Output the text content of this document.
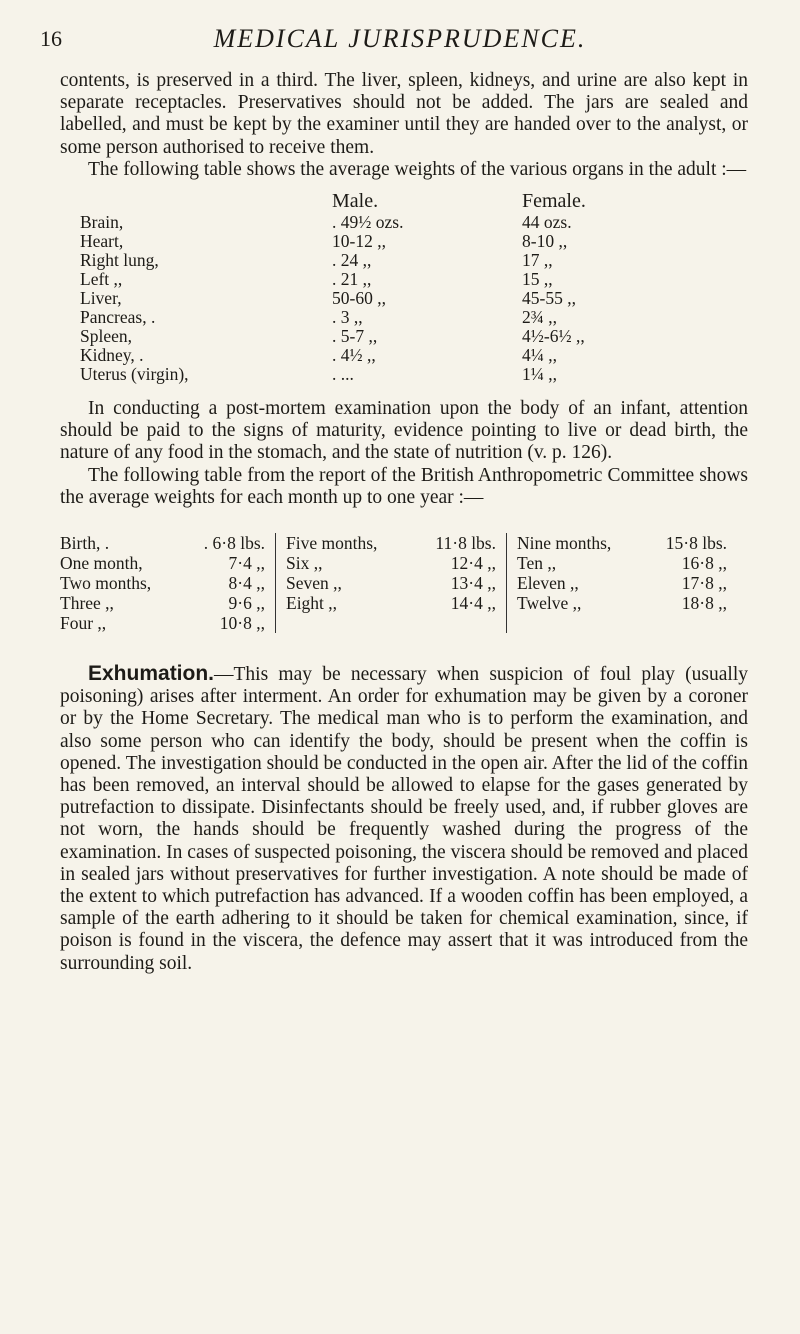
16	MEDICAL JURISPRUDENCE.

contents, is preserved in a third. The liver, spleen, kidneys, and urine are also kept in separate receptacles. Preservatives should not be added. The jars are sealed and labelled, and must be kept by the examiner until they are handed over to the analyst, or some person authorised to receive them.

The following table shows the average weights of the various organs in the adult :—

		Male.	Female.
Brain,		. 49½ ozs.	44 ozs.
Heart,		10-12 ,,	8-10 ,,
Right lung,		. 24 ,,	17 ,,
Left ,,		. 21 ,,	15 ,,
Liver,		50-60 ,,	45-55 ,,
Pancreas, .		. 3 ,,	2¾ ,,
Spleen,		. 5-7 ,,	4½-6½ ,,
Kidney, .		. 4½ ,,	4¼ ,,
Uterus (virgin),		. ...	1¼ ,,

In conducting a post-mortem examination upon the body of an infant, attention should be paid to the signs of maturity, evidence pointing to live or dead birth, the nature of any food in the stomach, and the state of nutrition (v. p. 126).

The following table from the report of the British Anthropometric Committee shows the average weights for each month up to one year :—

Birth, .	. 6·8 lbs.
One month,	7·4 ,,
Two months,	8·4 ,,
Three ,,	9·6 ,,
Four ,,	10·8 ,,
Five months,	11·8 lbs.
Six ,,	12·4 ,,
Seven ,,	13·4 ,,
Eight ,,	14·4 ,,
Nine months,	15·8 lbs.
Ten ,,	16·8 ,,
Eleven ,,	17·8 ,,
Twelve ,,	18·8 ,,

Exhumation.—This may be necessary when suspicion of foul play (usually poisoning) arises after interment. An order for exhumation may be given by a coroner or by the Home Secretary. The medical man who is to perform the examination, and also some person who can identify the body, should be present when the coffin is opened. The investigation should be conducted in the open air. After the lid of the coffin has been removed, an interval should be allowed to elapse for the gases generated by putrefaction to dissipate. Disinfectants should be freely used, and, if rubber gloves are not worn, the hands should be frequently washed during the progress of the examination. In cases of suspected poisoning, the viscera should be removed and placed in sealed jars without preservatives for further investigation. A note should be made of the extent to which putrefaction has advanced. If a wooden coffin has been employed, a sample of the earth adhering to it should be taken for chemical examination, since, if poison is found in the viscera, the defence may assert that it was introduced from the surrounding soil.
